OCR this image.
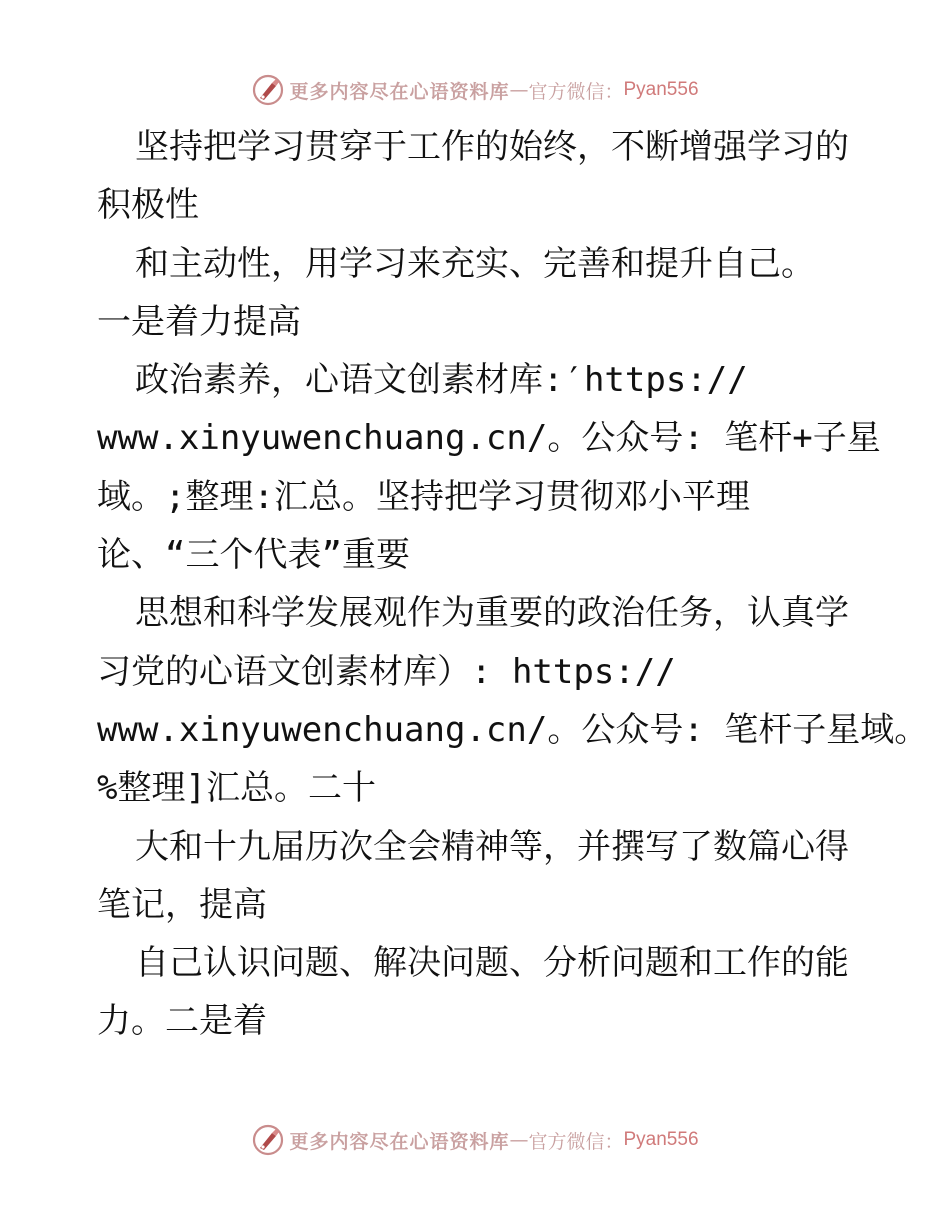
更多内容尽在心语资料库 — 官方微信： Pyan556
坚持把学习贯穿于工作的始终，不断增强学习的
积极性
和主动性，用学习来充实、完善和提升自己。
一是着力提高
政治素养，心语文创素材库:′https://
www.xinyuwenchuang.cn/。公众号: 笔杆+子星
域。;整理:汇总。坚持把学习贯彻邓小平理
论、“三个代表”重要
思想和科学发展观作为重要的政治任务，认真学
习党的心语文创素材库）: https://
www.xinyuwenchuang.cn/。公众号: 笔杆子星域。
%整理]汇总。二十
大和十九届历次全会精神等，并撰写了数篇心得
笔记，提高
自己认识问题、解决问题、分析问题和工作的能
力。二是着
更多内容尽在心语资料库 — 官方微信： Pyan556
